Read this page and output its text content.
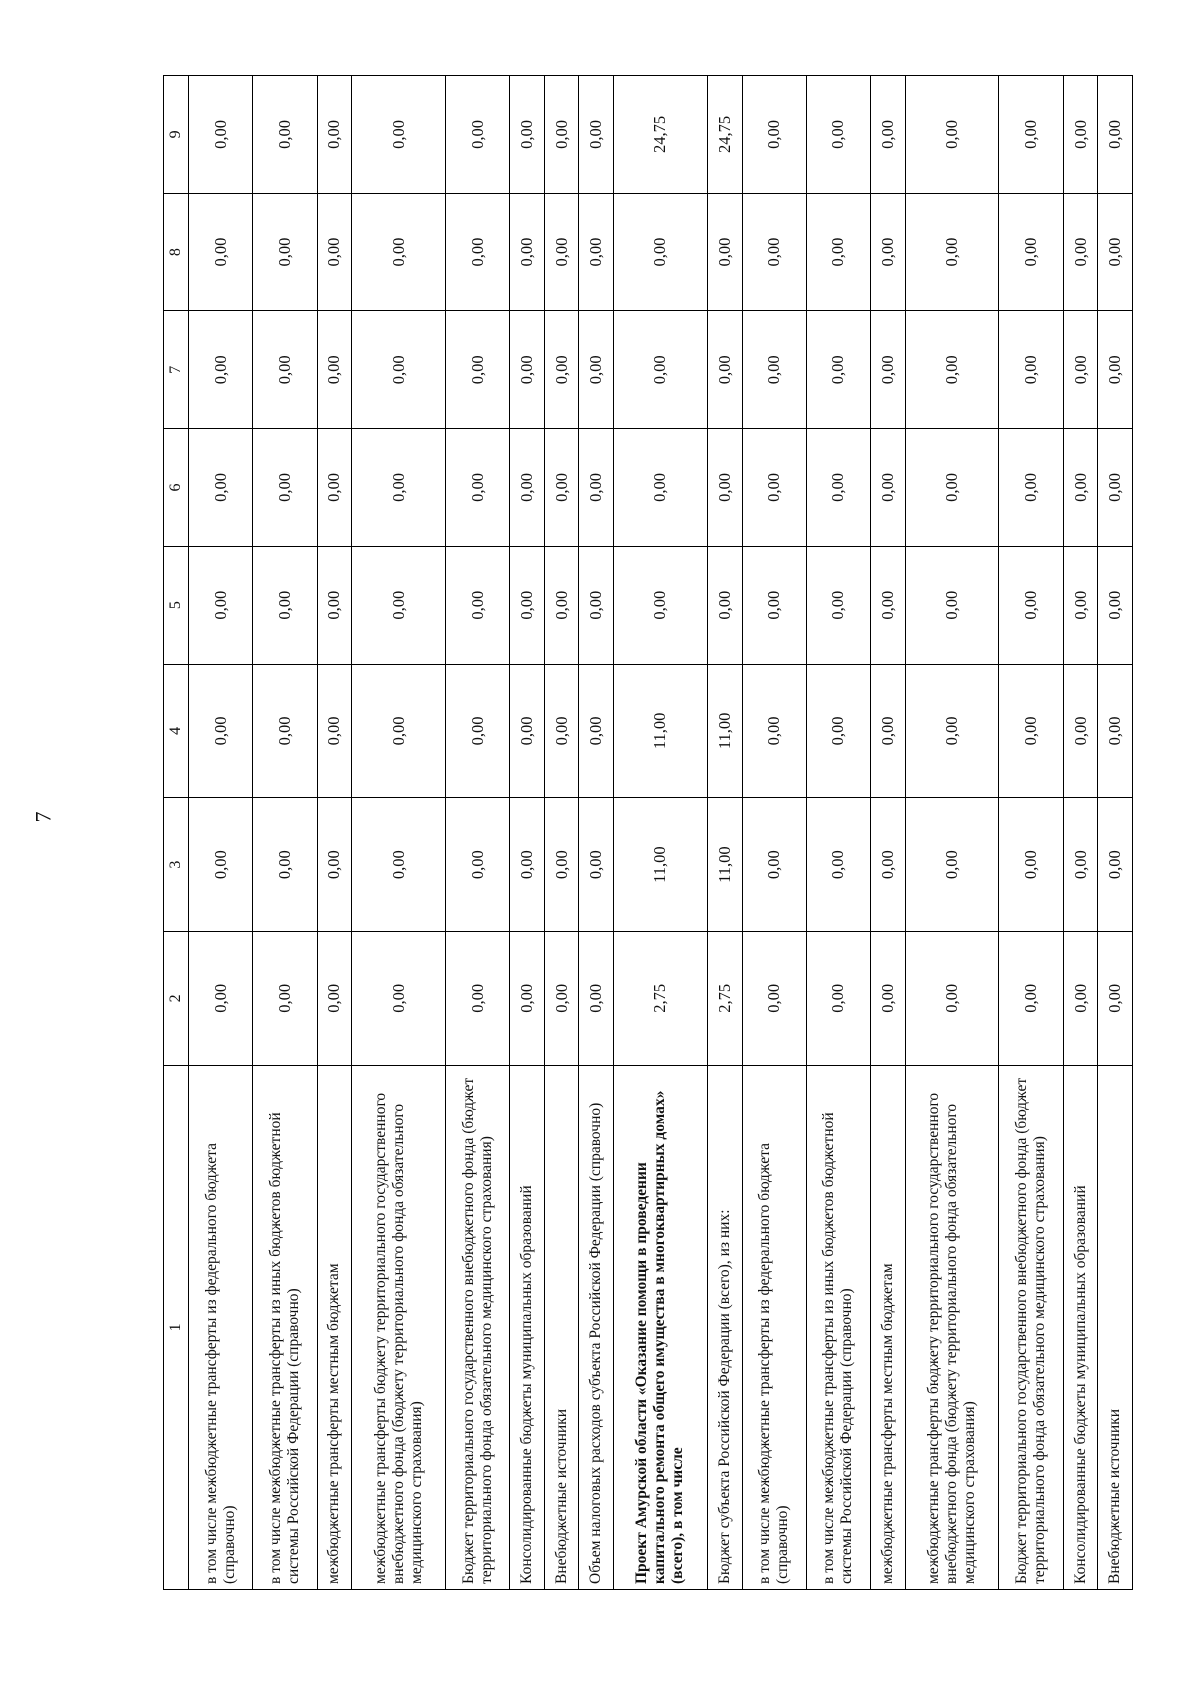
7
1	2	3	4	5	6	7	8	9
в том числе межбюджетные трансферты из федерального бюджета (справочно)	0,00	0,00	0,00	0,00	0,00	0,00	0,00	0,00
в том числе межбюджетные трансферты из иных бюджетов бюджетной системы Российской Федерации (справочно)	0,00	0,00	0,00	0,00	0,00	0,00	0,00	0,00
межбюджетные трансферты местным бюджетам	0,00	0,00	0,00	0,00	0,00	0,00	0,00	0,00
межбюджетные трансферты бюджету территориального государственного внебюджетного фонда (бюджету территориального фонда обязательного медицинского страхования)	0,00	0,00	0,00	0,00	0,00	0,00	0,00	0,00
Бюджет территориального государственного внебюджетного фонда (бюджет территориального фонда обязательного медицинского страхования)	0,00	0,00	0,00	0,00	0,00	0,00	0,00	0,00
Консолидированные бюджеты муниципальных образований	0,00	0,00	0,00	0,00	0,00	0,00	0,00	0,00
Внебюджетные источники	0,00	0,00	0,00	0,00	0,00	0,00	0,00	0,00
Объем налоговых расходов субъекта Российской Федерации (справочно)	0,00	0,00	0,00	0,00	0,00	0,00	0,00	0,00
Проект Амурской области «Оказание помощи в проведении капитального ремонта общего имущества в многоквартирных домах» (всего), в том числе	2,75	11,00	11,00	0,00	0,00	0,00	0,00	24,75
Бюджет субъекта Российской Федерации (всего), из них:	2,75	11,00	11,00	0,00	0,00	0,00	0,00	24,75
в том числе межбюджетные трансферты из федерального бюджета (справочно)	0,00	0,00	0,00	0,00	0,00	0,00	0,00	0,00
в том числе межбюджетные трансферты из иных бюджетов бюджетной системы Российской Федерации (справочно)	0,00	0,00	0,00	0,00	0,00	0,00	0,00	0,00
межбюджетные трансферты местным бюджетам	0,00	0,00	0,00	0,00	0,00	0,00	0,00	0,00
межбюджетные трансферты бюджету территориального государственного внебюджетного фонда (бюджету территориального фонда обязательного медицинского страхования)	0,00	0,00	0,00	0,00	0,00	0,00	0,00	0,00
Бюджет территориального государственного внебюджетного фонда (бюджет территориального фонда обязательного медицинского страхования)	0,00	0,00	0,00	0,00	0,00	0,00	0,00	0,00
Консолидированные бюджеты муниципальных образований	0,00	0,00	0,00	0,00	0,00	0,00	0,00	0,00
Внебюджетные источники	0,00	0,00	0,00	0,00	0,00	0,00	0,00	0,00
